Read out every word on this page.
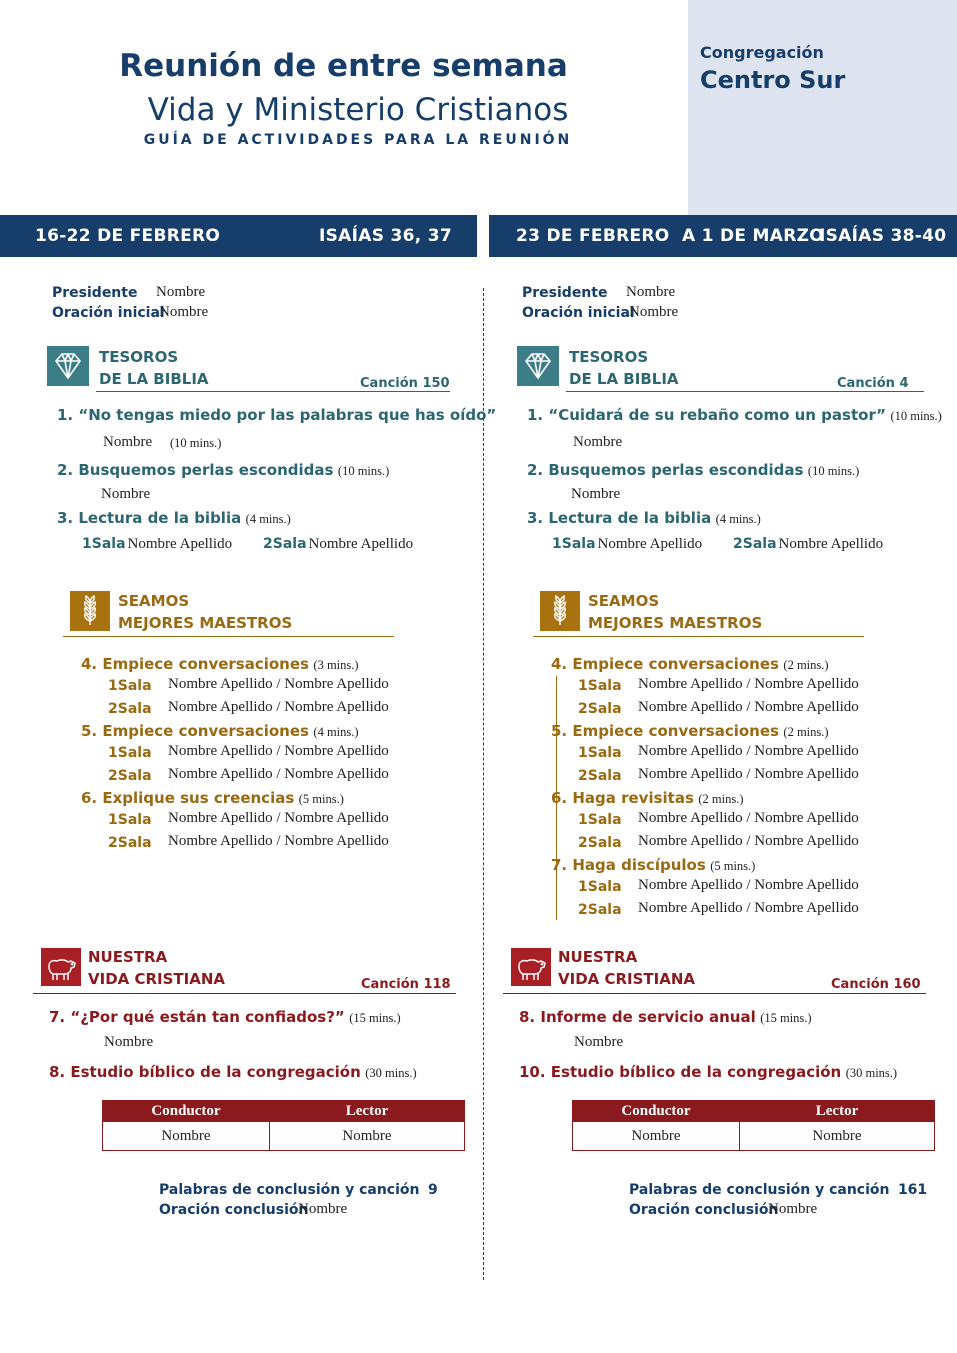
Reunión de entre semana
Vida y Ministerio Cristianos
GUÍA DE ACTIVIDADES PARA LA REUNIÓN
Congregación
Centro Sur
16-22 DE FEBRERO	ISAÍAS 36, 37	23 DE FEBRERO  A 1 DE MARZO
ISAÍAS 38-40
Presidente Nombre
Oración inicial
Nombre
TESOROS
DE LA BIBLIA	Canción 150
1. “No tengas miedo por las palabras que has oído”
Nombre (10 mins.)
2. Busquemos perlas escondidas (10 mins.)
Nombre
3. Lectura de la biblia (4 mins.)
1Sala Nombre Apellido 2Sala Nombre Apellido
SEAMOS
MEJORES MAESTROS
4. Empiece conversaciones (3 mins.)
1Sala Nombre Apellido / Nombre Apellido
2Sala Nombre Apellido / Nombre Apellido
5. Empiece conversaciones (4 mins.)
1Sala Nombre Apellido / Nombre Apellido
2Sala Nombre Apellido / Nombre Apellido
6. Explique sus creencias (5 mins.)
1Sala Nombre Apellido / Nombre Apellido
2Sala Nombre Apellido / Nombre Apellido
NUESTRA
VIDA CRISTIANA	Canción 118
7. “¿Por qué están tan confiados?” (15 mins.)
Nombre
8. Estudio bíblico de la congregación (30 mins.)
Conductor	Lector
Nombre	Nombre
Palabras de conclusión y canción 9
Oración conclusión
Nombre
Presidente Nombre
Oración inicial
Nombre
TESOROS
DE LA BIBLIA	Canción 4
1. “Cuidará de su rebaño como un pastor” (10 mins.)
Nombre
2. Busquemos perlas escondidas (10 mins.)
Nombre
3. Lectura de la biblia (4 mins.)
1Sala Nombre Apellido 2Sala Nombre Apellido
SEAMOS
MEJORES MAESTROS
4. Empiece conversaciones (2 mins.)
1Sala Nombre Apellido / Nombre Apellido
2Sala Nombre Apellido / Nombre Apellido
5. Empiece conversaciones (2 mins.)
1Sala Nombre Apellido / Nombre Apellido
2Sala Nombre Apellido / Nombre Apellido
6. Haga revisitas (2 mins.)
1Sala Nombre Apellido / Nombre Apellido
2Sala Nombre Apellido / Nombre Apellido
7. Haga discípulos (5 mins.)
1Sala Nombre Apellido / Nombre Apellido
2Sala Nombre Apellido / Nombre Apellido
NUESTRA
VIDA CRISTIANA	Canción 160
8. Informe de servicio anual (15 mins.)
Nombre
10. Estudio bíblico de la congregación (30 mins.)
Conductor	Lector
Nombre	Nombre
Palabras de conclusión y canción 161
Oración conclusión
Nombre
